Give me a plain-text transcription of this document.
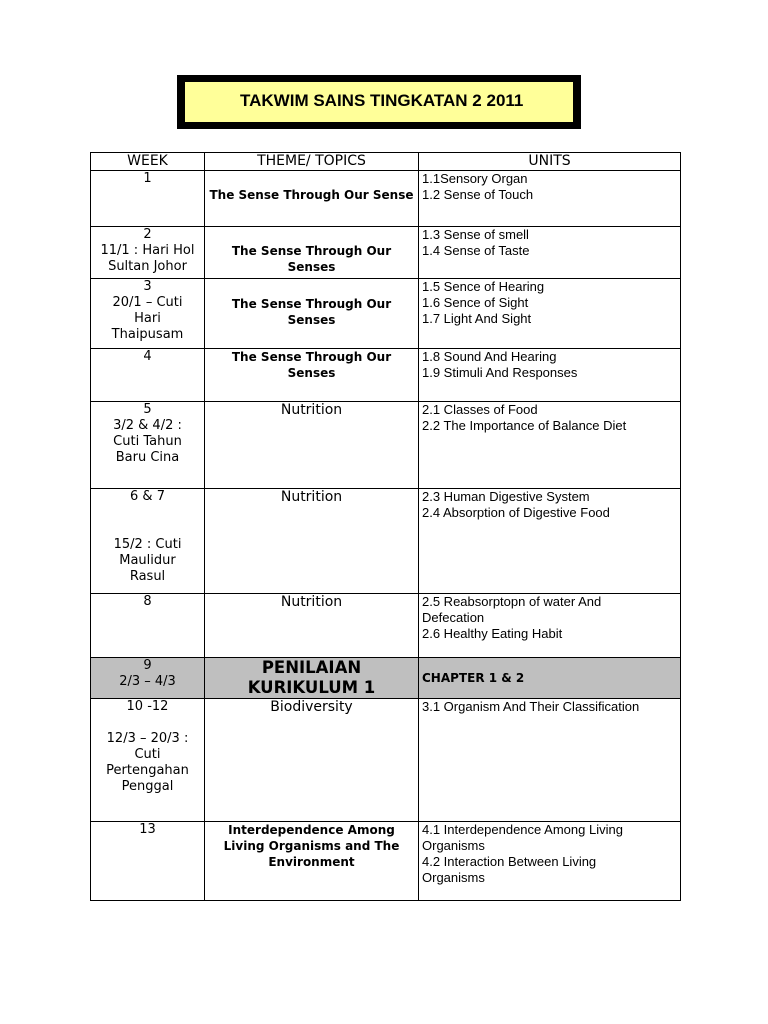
TAKWIM SAINS TINGKATAN 2 2011
WEEK	THEME/ TOPICS	UNITS

1	The Sense Through Our Sense	1.1Sensory Organ
1.2 Sense of Touch

2
11/1 : Hari Hol
Sultan Johor	The Sense Through Our Senses	1.3 Sense of smell
1.4 Sense of Taste

3
20/1 – Cuti
Hari
Thaipusam	The Sense Through Our Senses	1.5 Sence of Hearing
1.6 Sence of Sight
1.7 Light And Sight

4	The Sense Through Our Senses	1.8 Sound And Hearing
1.9 Stimuli And Responses

5
3/2 & 4/2 :
Cuti Tahun
Baru Cina	Nutrition	2.1 Classes of Food
2.2 The Importance of Balance Diet

6 & 7

15/2 : Cuti
Maulidur
Rasul	Nutrition	2.3 Human Digestive System
2.4 Absorption of Digestive Food

8	Nutrition	2.5 Reabsorptopn of water And
Defecation
2.6 Healthy Eating Habit

9
2/3 – 4/3	PENILAIAN KURIKULUM 1	CHAPTER 1 & 2

10 -12

12/3 – 20/3 :
Cuti
Pertengahan
Penggal	Biodiversity	3.1 Organism And Their Classification

13	Interdependence Among Living Organisms and The Environment	4.1 Interdependence Among Living
Organisms
4.2 Interaction Between Living
Organisms
